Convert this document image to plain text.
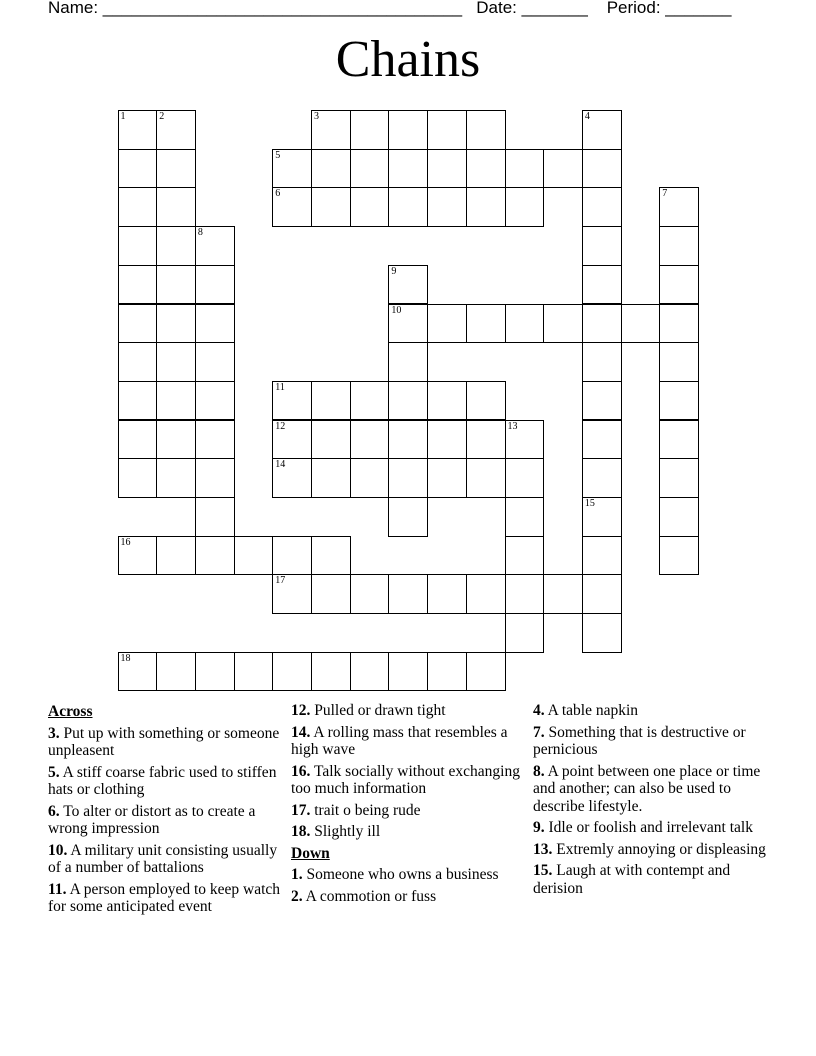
Name: ______________________________________ Date: _______ Period: _______
Chains
1	2	3	4
5
6	7
8
9
10
11
12	13
14
15
16
17
18
Across
3. Put up with something or someone unpleasent
5. A stiff coarse fabric used to stiffen hats or clothing
6. To alter or distort as to create a wrong impression
10. A military unit consisting usually of a number of battalions
11. A person employed to keep watch for some anticipated event
12. Pulled or drawn tight
14. A rolling mass that resembles a high wave
16. Talk socially without exchanging too much information
17. trait o being rude
18. Slightly ill
Down
1. Someone who owns a business
2. A commotion or fuss
4. A table napkin
7. Something that is destructive or pernicious
8. A point between one place or time and another; can also be used to describe lifestyle.
9. Idle or foolish and irrelevant talk
13. Extremly annoying or displeasing
15. Laugh at with contempt and derision
